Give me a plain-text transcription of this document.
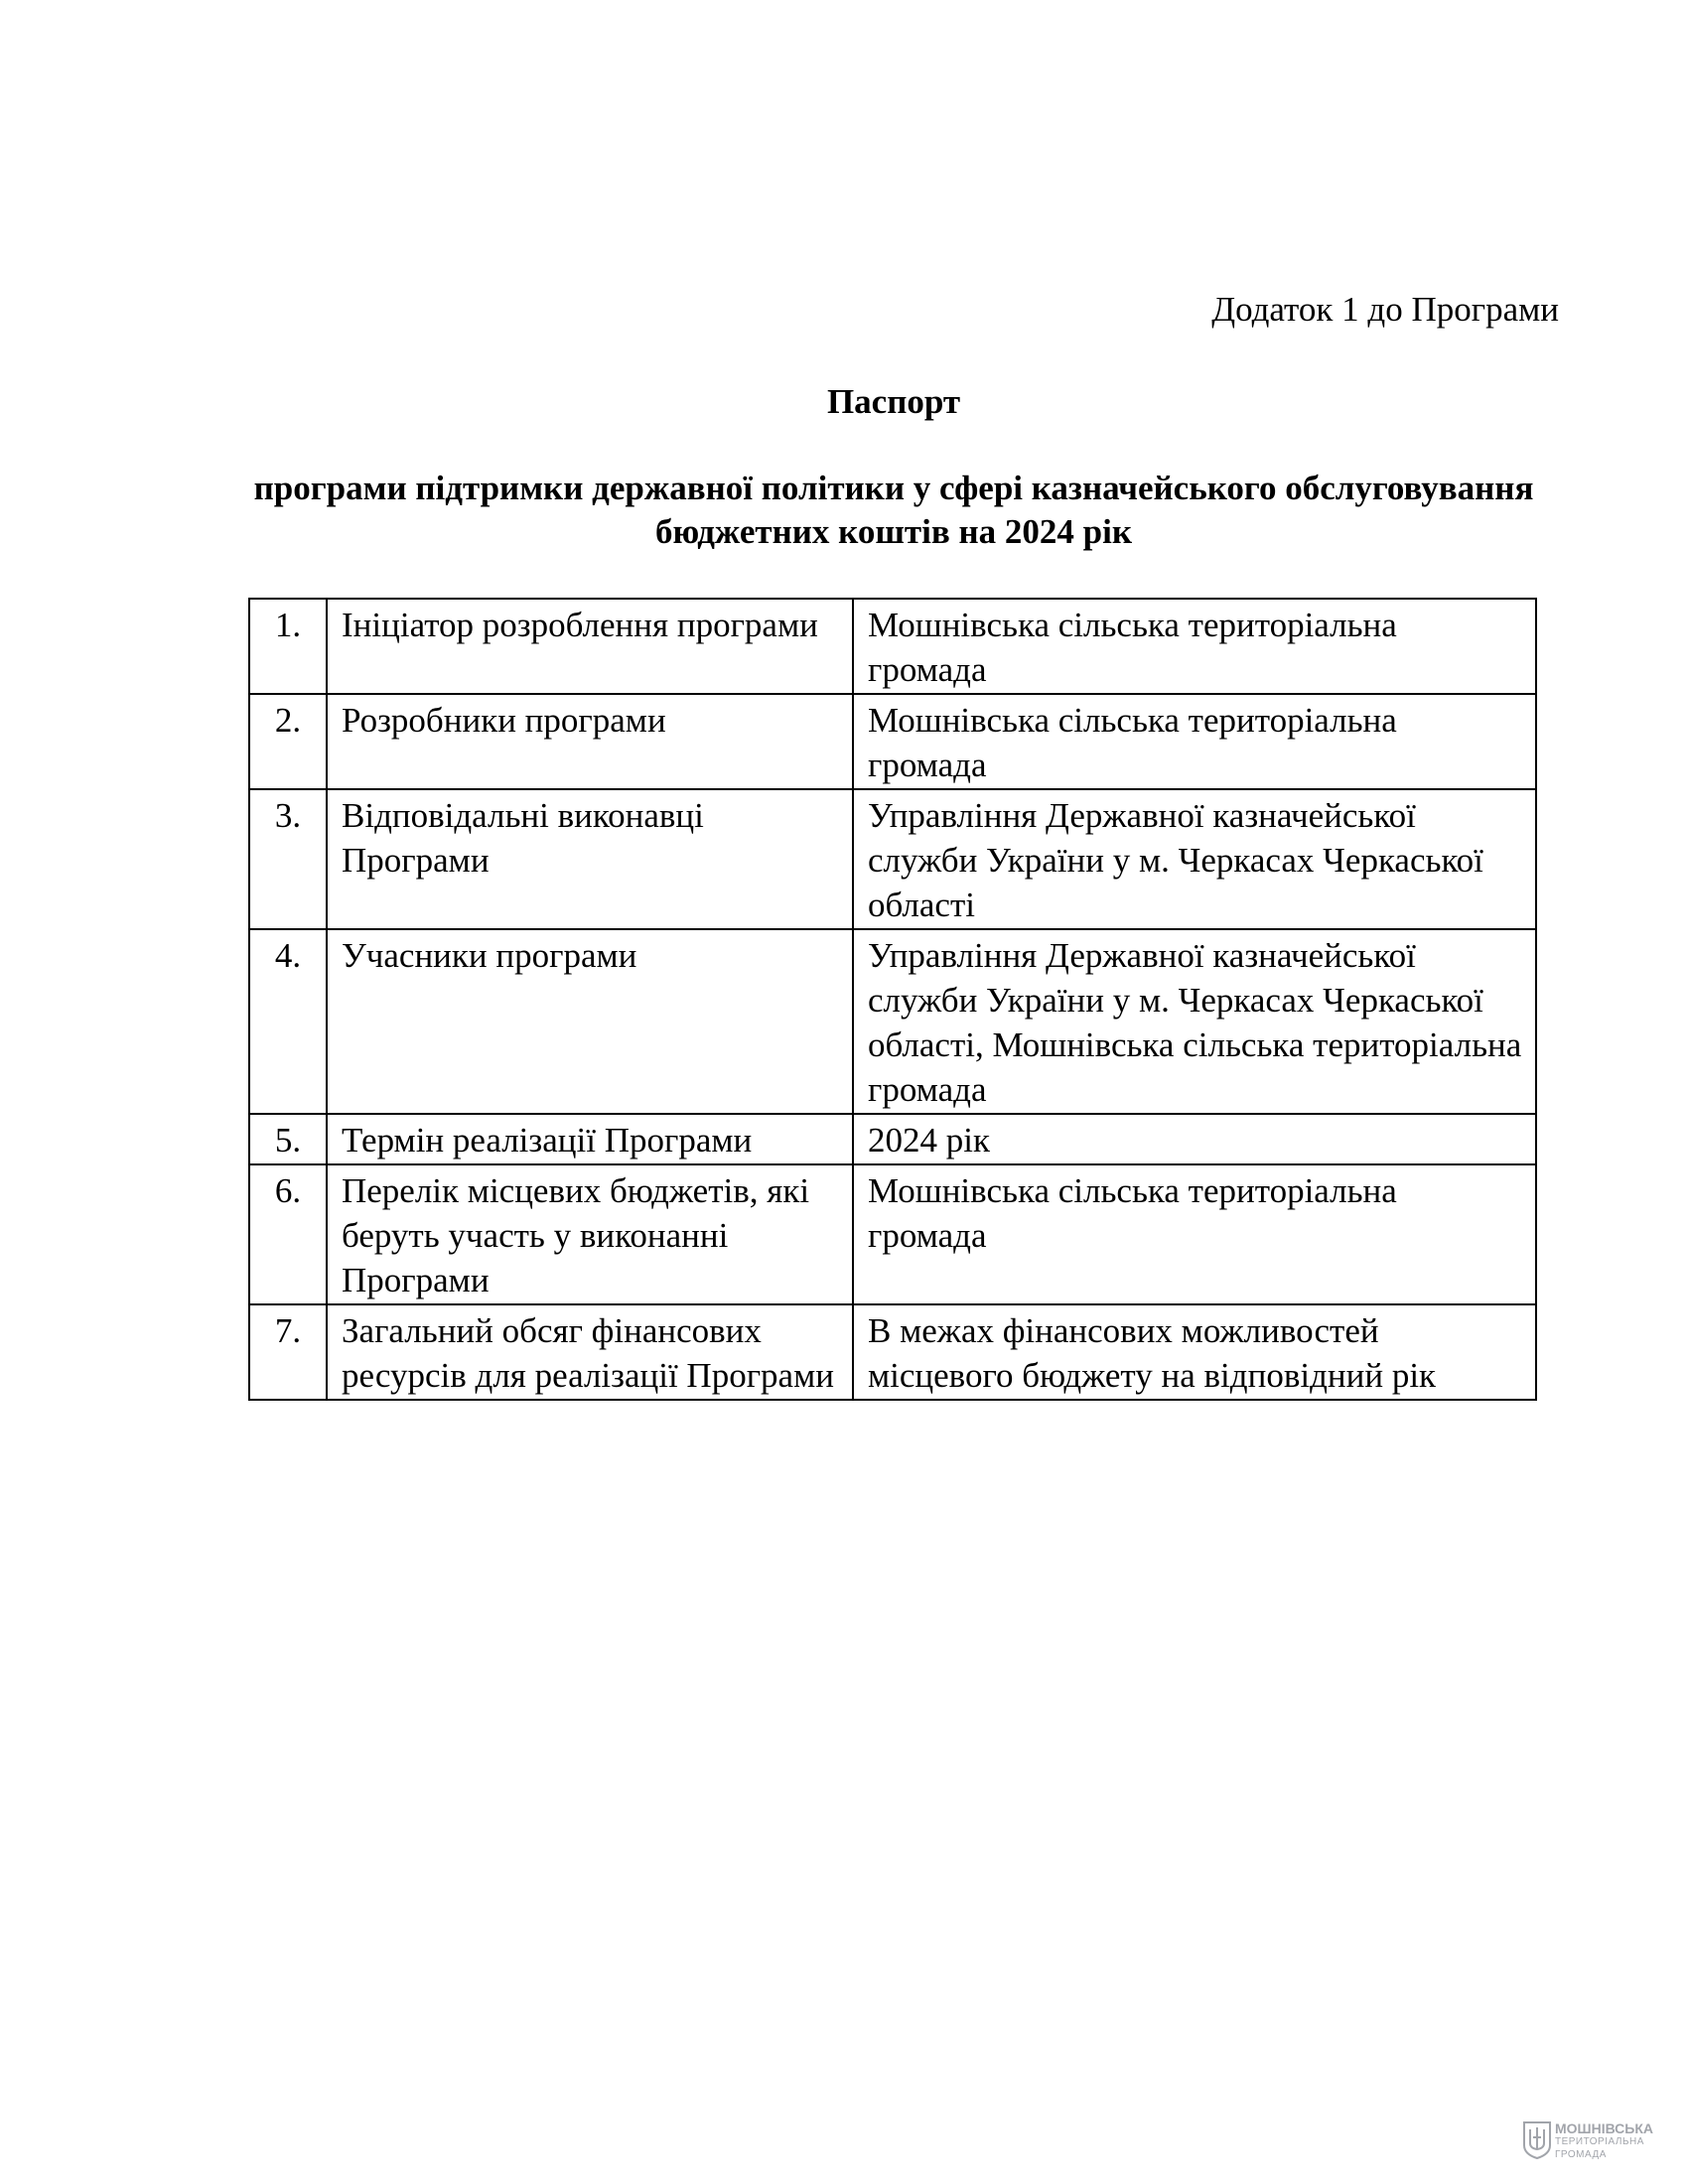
Додаток 1 до Програми
Паспорт
програми підтримки державної політики у сфері казначейського обслуговування бюджетних коштів на 2024 рік
1.	Ініціатор розроблення програми	Мошнівська сільська територіальна громада
2.	Розробники програми	Мошнівська сільська територіальна громада
3.	Відповідальні виконавці Програми	Управління Державної казначейської служби України у м. Черкасах Черкаської області
4.	Учасники програми	Управління Державної казначейської служби України у м. Черкасах Черкаської області, Мошнівська сільська територіальна громада
5.	Термін реалізації Програми	2024 рік
6.	Перелік місцевих бюджетів, які беруть участь у виконанні Програми	Мошнівська сільська територіальна громада
7.	Загальний обсяг фінансових ресурсів для реалізації Програми	В межах фінансових можливостей місцевого бюджету на відповідний рік
МОШНІВСЬКА
ТЕРИТОРІАЛЬНА
ГРОМАДА
